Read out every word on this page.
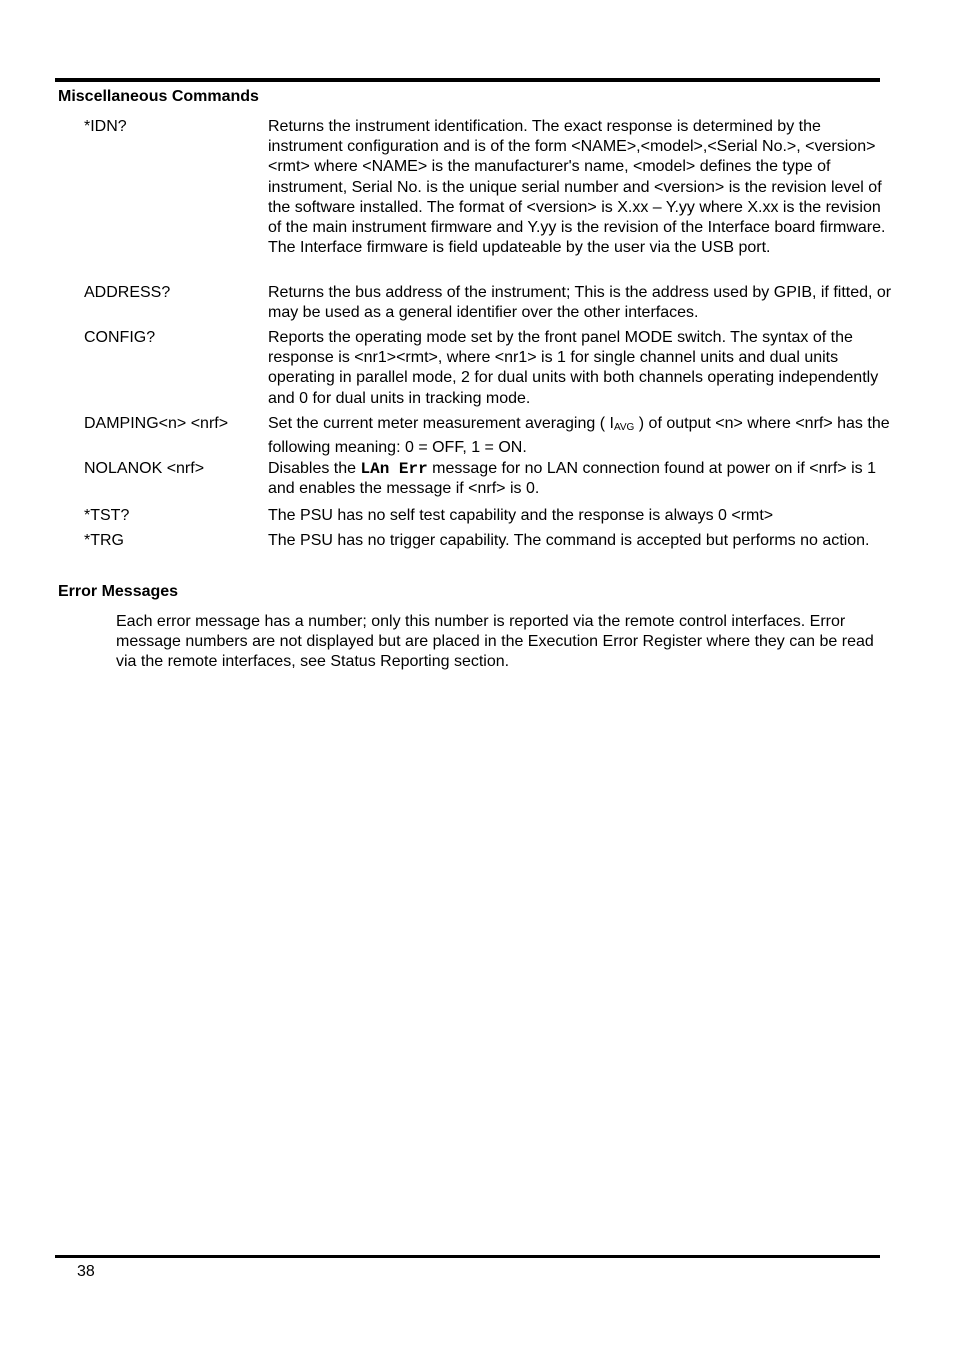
Miscellaneous Commands
*IDN?	Returns the instrument identification. The exact response is determined by the instrument configuration and is of the form <NAME>,<model>,<Serial No.>, <version><rmt> where <NAME> is the manufacturer's name, <model> defines the type of instrument, Serial No. is the unique serial number and <version> is the revision level of the software installed. The format of <version> is X.xx – Y.yy where X.xx is the revision of the main instrument firmware and Y.yy is the revision of the Interface board firmware. The Interface firmware is field updateable by the user via the USB port.
ADDRESS?	Returns the bus address of the instrument; This is the address used by GPIB, if fitted, or may be used as a general identifier over the other interfaces.
CONFIG?	Reports the operating mode set by the front panel MODE switch. The syntax of the response is <nr1><rmt>, where <nr1> is 1 for single channel units and dual units operating in parallel mode, 2 for dual units with both channels operating independently and 0 for dual units in tracking mode.
DAMPING<n> <nrf>	Set the current meter measurement averaging ( $I_{AVG}$ ) of output <n> where <nrf> has the following meaning: 0 = OFF, 1 = ON.
NOLANOK <nrf>	Disables the LAn Err message for no LAN connection found at power on if <nrf> is 1 and enables the message if <nrf> is 0.
*TST?	The PSU has no self test capability and the response is always 0 <rmt>
*TRG	The PSU has no trigger capability. The command is accepted but performs no action.
Error Messages
Each error message has a number; only this number is reported via the remote control interfaces. Error message numbers are not displayed but are placed in the Execution Error Register where they can be read via the remote interfaces, see Status Reporting section.
38
